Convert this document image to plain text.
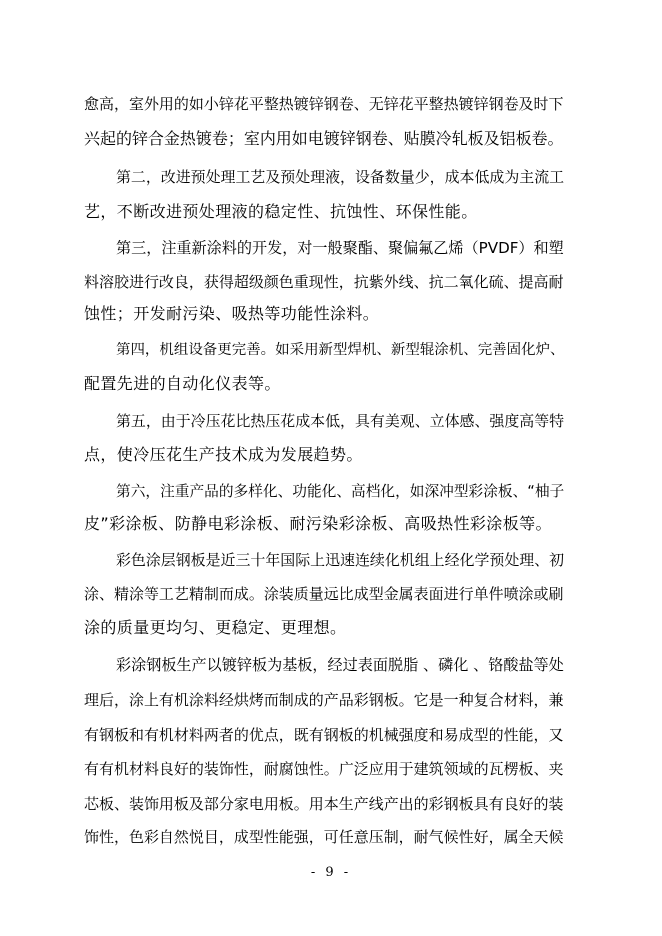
愈高，室外用的如小锌花平整热镀锌钢卷、无锌花平整热镀锌钢卷及时下
兴起的锌合金热镀卷；室内用如电镀锌钢卷、贴膜冷轧板及铝板卷。
第二，改进预处理工艺及预处理液，设备数量少，成本低成为主流工
艺，不断改进预处理液的稳定性、抗蚀性、环保性能。
第三，注重新涂料的开发，对一般聚酯、聚偏氟乙烯（PVDF）和塑
料溶胶进行改良，获得超级颜色重现性，抗紫外线、抗二氧化硫、提高耐
蚀性；开发耐污染、吸热等功能性涂料。
第四，机组设备更完善。如采用新型焊机、新型辊涂机、完善固化炉、
配置先进的自动化仪表等。
第五，由于冷压花比热压花成本低，具有美观、立体感、强度高等特
点，使冷压花生产技术成为发展趋势。
第六，注重产品的多样化、功能化、高档化，如深冲型彩涂板、“柚子
皮”彩涂板、防静电彩涂板、耐污染彩涂板、高吸热性彩涂板等。
彩色涂层钢板是近三十年国际上迅速连续化机组上经化学预处理、初
涂、精涂等工艺精制而成。涂装质量远比成型金属表面进行单件喷涂或刷
涂的质量更均匀、更稳定、更理想。
彩涂钢板生产以镀锌板为基板，经过表面脱脂 、磷化 、铬酸盐等处
理后，涂上有机涂料经烘烤而制成的产品彩钢板。它是一种复合材料，兼
有钢板和有机材料两者的优点，既有钢板的机械强度和易成型的性能，又
有有机材料良好的装饰性，耐腐蚀性。广泛应用于建筑领域的瓦楞板、夹
芯板、装饰用板及部分家电用板。用本生产线产出的彩钢板具有良好的装
饰性，色彩自然悦目，成型性能强，可任意压制，耐气候性好，属全天候
- 9 -
